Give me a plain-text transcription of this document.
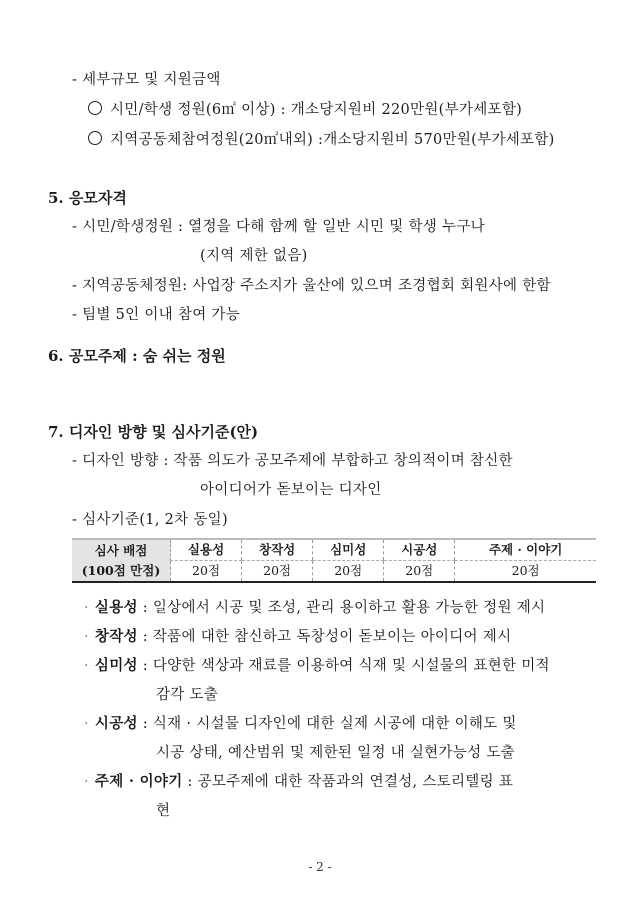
- 세부규모 및 지원금액
시민/학생 정원(6㎡ 이상) : 개소당지원비 220만원(부가세포함)
지역공동체참여정원(20㎡내외) :개소당지원비 570만원(부가세포함)
5. 응모자격
- 시민/학생정원 : 열정을 다해 함께 할 일반 시민 및 학생 누구나
(지역 제한 없음)
- 지역공동체정원: 사업장 주소지가 울산에 있으며 조경협회 회원사에 한함
- 팀별 5인 이내 참여 가능
6. 공모주제 : 숨 쉬는 정원
7. 디자인 방향 및 심사기준(안)
- 디자인 방향 : 작품 의도가 공모주제에 부합하고 창의적이며 참신한
아이디어가 돋보이는 디자인
- 심사기준(1, 2차 동일)
심사 배점
(100점 만점)	실용성	창작성	심미성	시공성	주제 · 이야기
	20점	20점	20점	20점	20점
· 실용성 : 일상에서 시공 및 조성, 관리 용이하고 활용 가능한 정원 제시
· 창작성 : 작품에 대한 참신하고 독창성이 돋보이는 아이디어 제시
· 심미성 : 다양한 색상과 재료를 이용하여 식재 및 시설물의 표현한 미적
감각 도출
· 시공성 : 식재 · 시설물 디자인에 대한 실제 시공에 대한 이해도 및
시공 상태, 예산범위 및 제한된 일정 내 실현가능성 도출
· 주제 · 이야기 : 공모주제에 대한 작품과의 연결성, 스토리텔링 표
현
- 2 -
